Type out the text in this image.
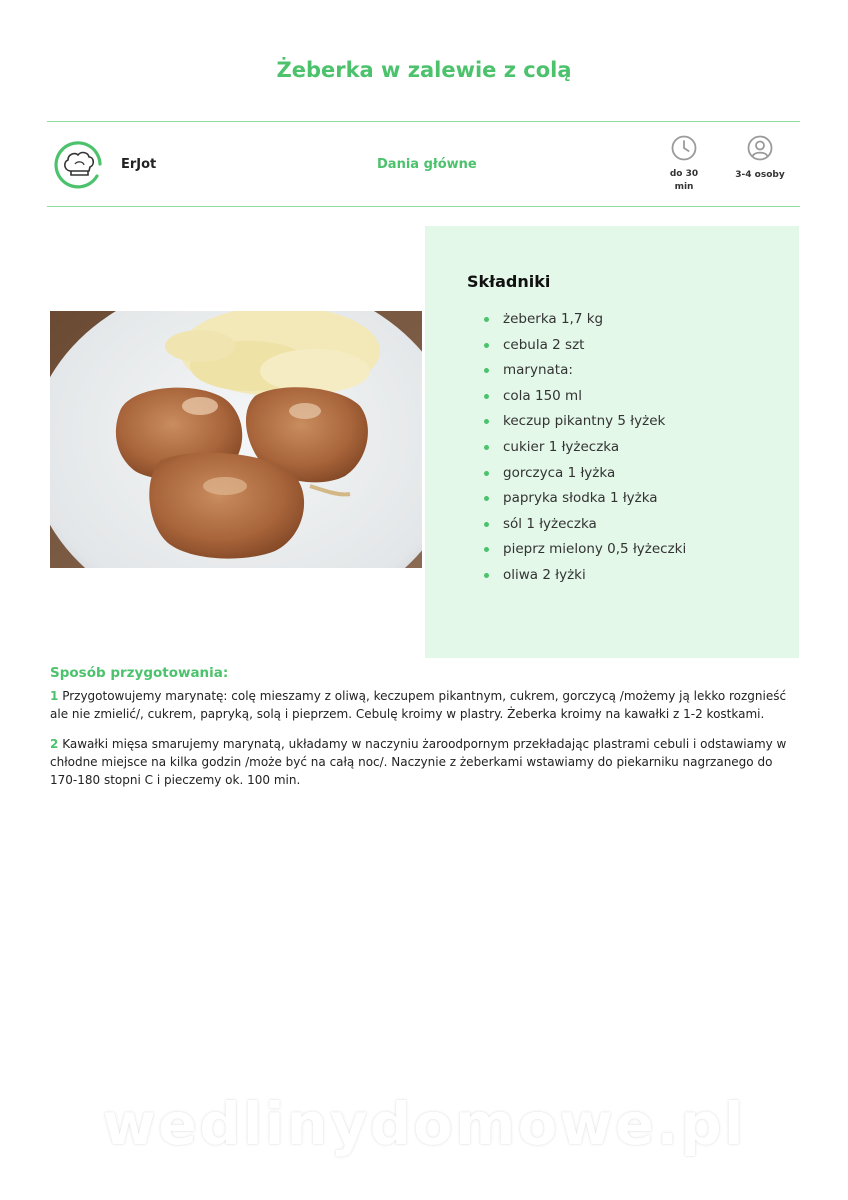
Żeberka w zalewie z colą
ErJot	Dania główne
do 30 min
3-4 osoby
Składniki
żeberka 1,7 kg
cebula 2 szt
marynata:
cola 150 ml
keczup pikantny 5 łyżek
cukier 1 łyżeczka
gorczyca 1 łyżka
papryka słodka 1 łyżka
sól 1 łyżeczka
pieprz mielony 0,5 łyżeczki
oliwa 2 łyżki
Sposób przygotowania:

1 Przygotowujemy marynatę: colę mieszamy z oliwą, keczupem pikantnym, cukrem, gorczycą /możemy ją lekko rozgnieść ale nie zmielić/, cukrem, papryką, solą i pieprzem. Cebulę kroimy w plastry. Żeberka kroimy na kawałki z 1-2 kostkami.

2 Kawałki mięsa smarujemy marynatą, układamy w naczyniu żaroodpornym przekładając plastrami cebuli i odstawiamy w chłodne miejsce na kilka godzin /może być na całą noc/. Naczynie z żeberkami wstawiamy do piekarniku nagrzanego do 170-180 stopni C i pieczemy ok. 100 min.

wedlinydomowe.pl
